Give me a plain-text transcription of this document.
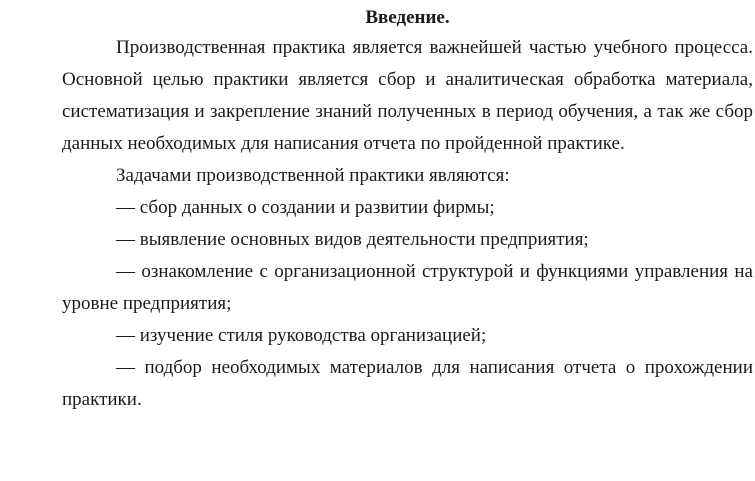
Введение.

Производственная практика является важнейшей частью учебного процесса. Основной целью практики является сбор и аналитическая обработка материала, систематизация и закрепление знаний полученных в период обучения, а так же сбор данных необходимых для написания отчета по пройденной практике.

Задачами производственной практики являются:

— сбор данных о создании и развитии фирмы;

— выявление основных видов деятельности предприятия;

— ознакомление с организационной структурой и функциями управления на уровне предприятия;

— изучение стиля руководства организацией;

— подбор необходимых материалов для написания отчета о прохождении практики.
